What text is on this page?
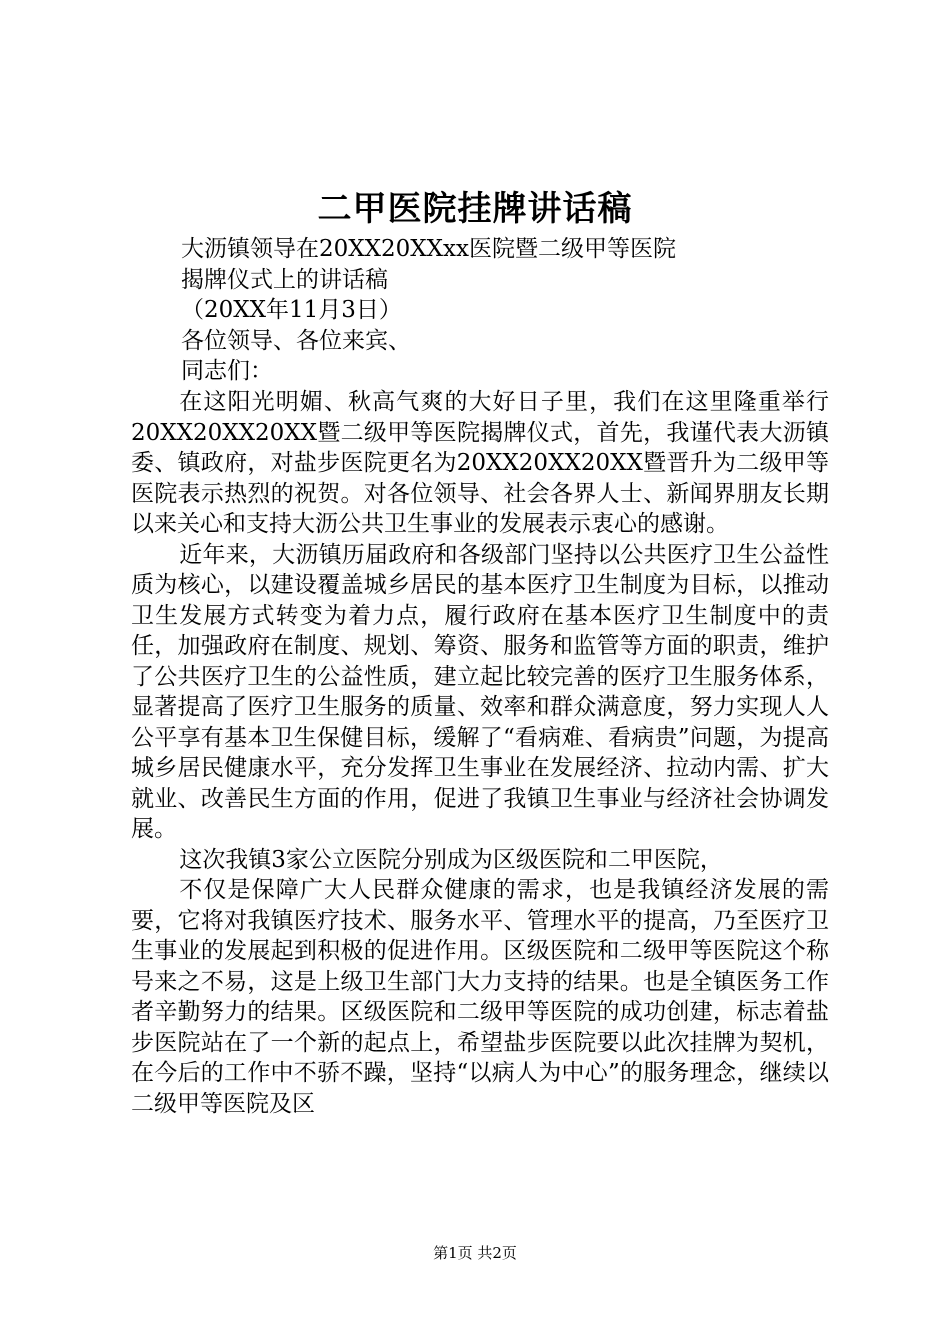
二甲医院挂牌讲话稿
大沥镇领导在20XX20XXxx医院暨二级甲等医院
揭牌仪式上的讲话稿
（20XX年11月3日）
各位领导、各位来宾、
同志们：

在这阳光明媚、秋高气爽的大好日子里，我们在这里隆重举行20XX20XX20XX暨二级甲等医院揭牌仪式，首先，我谨代表大沥镇委、镇政府，对盐步医院更名为20XX20XX20XX暨晋升为二级甲等医院表示热烈的祝贺。对各位领导、社会各界人士、新闻界朋友长期以来关心和支持大沥公共卫生事业的发展表示衷心的感谢。

近年来，大沥镇历届政府和各级部门坚持以公共医疗卫生公益性质为核心，以建设覆盖城乡居民的基本医疗卫生制度为目标，以推动卫生发展方式转变为着力点，履行政府在基本医疗卫生制度中的责任，加强政府在制度、规划、筹资、服务和监管等方面的职责，维护了公共医疗卫生的公益性质，建立起比较完善的医疗卫生服务体系，显著提高了医疗卫生服务的质量、效率和群众满意度，努力实现人人公平享有基本卫生保健目标，缓解了“看病难、看病贵”问题，为提高城乡居民健康水平，充分发挥卫生事业在发展经济、拉动内需、扩大就业、改善民生方面的作用，促进了我镇卫生事业与经济社会协调发展。

这次我镇3家公立医院分别成为区级医院和二甲医院，

不仅是保障广大人民群众健康的需求，也是我镇经济发展的需要，它将对我镇医疗技术、服务水平、管理水平的提高，乃至医疗卫生事业的发展起到积极的促进作用。区级医院和二级甲等医院这个称号来之不易，这是上级卫生部门大力支持的结果。也是全镇医务工作者辛勤努力的结果。区级医院和二级甲等医院的成功创建，标志着盐步医院站在了一个新的起点上，希望盐步医院要以此次挂牌为契机，在今后的工作中不骄不躁，坚持“以病人为中心”的服务理念，继续以二级甲等医院及区

第1页 共2页
